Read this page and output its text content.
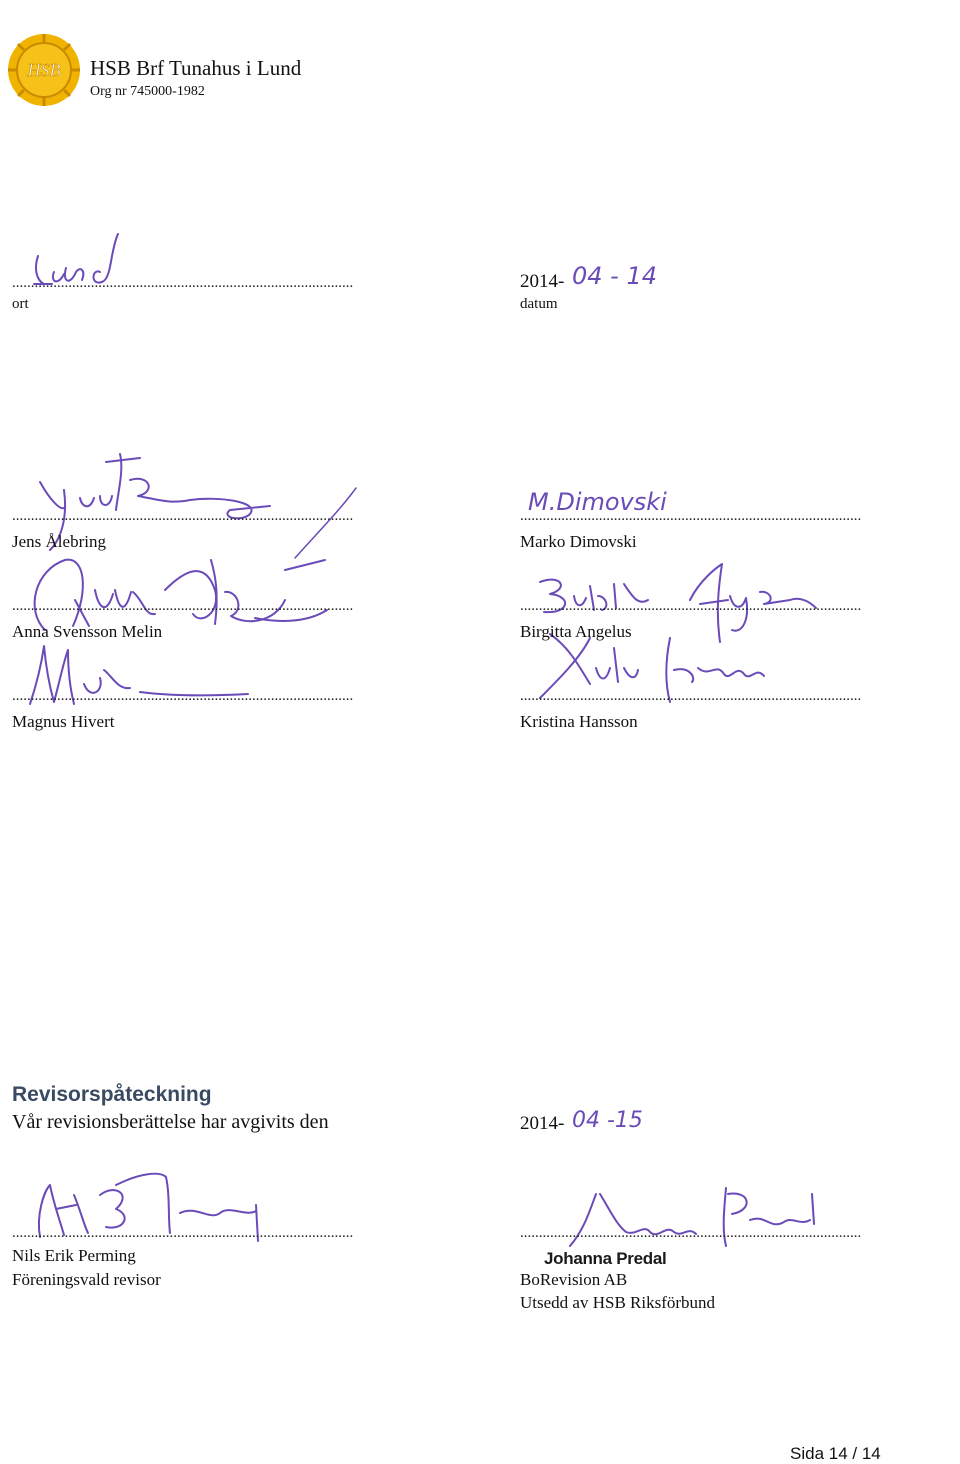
HSB HSB Brf Tunahus i Lund
Org nr 745000-1982
...........................................................................................
ort
2014- 04 - 14
datum
M.Dimovski
...........................................................................................
Jens Ålebring
...........................................................................................
Marko Dimovski
...........................................................................................
Anna Svensson Melin
...........................................................................................
Birgitta Angelus
...........................................................................................
Magnus Hivert
...........................................................................................
Kristina Hansson
Revisorspåteckning
Vår revisionsberättelse har avgivits den	2014- 04 -15
...........................................................................................
Nils Erik Perming
Föreningsvald revisor
...........................................................................................
Johanna Predal
BoRevision AB
Utsedd av HSB Riksförbund
Sida 14 / 14
